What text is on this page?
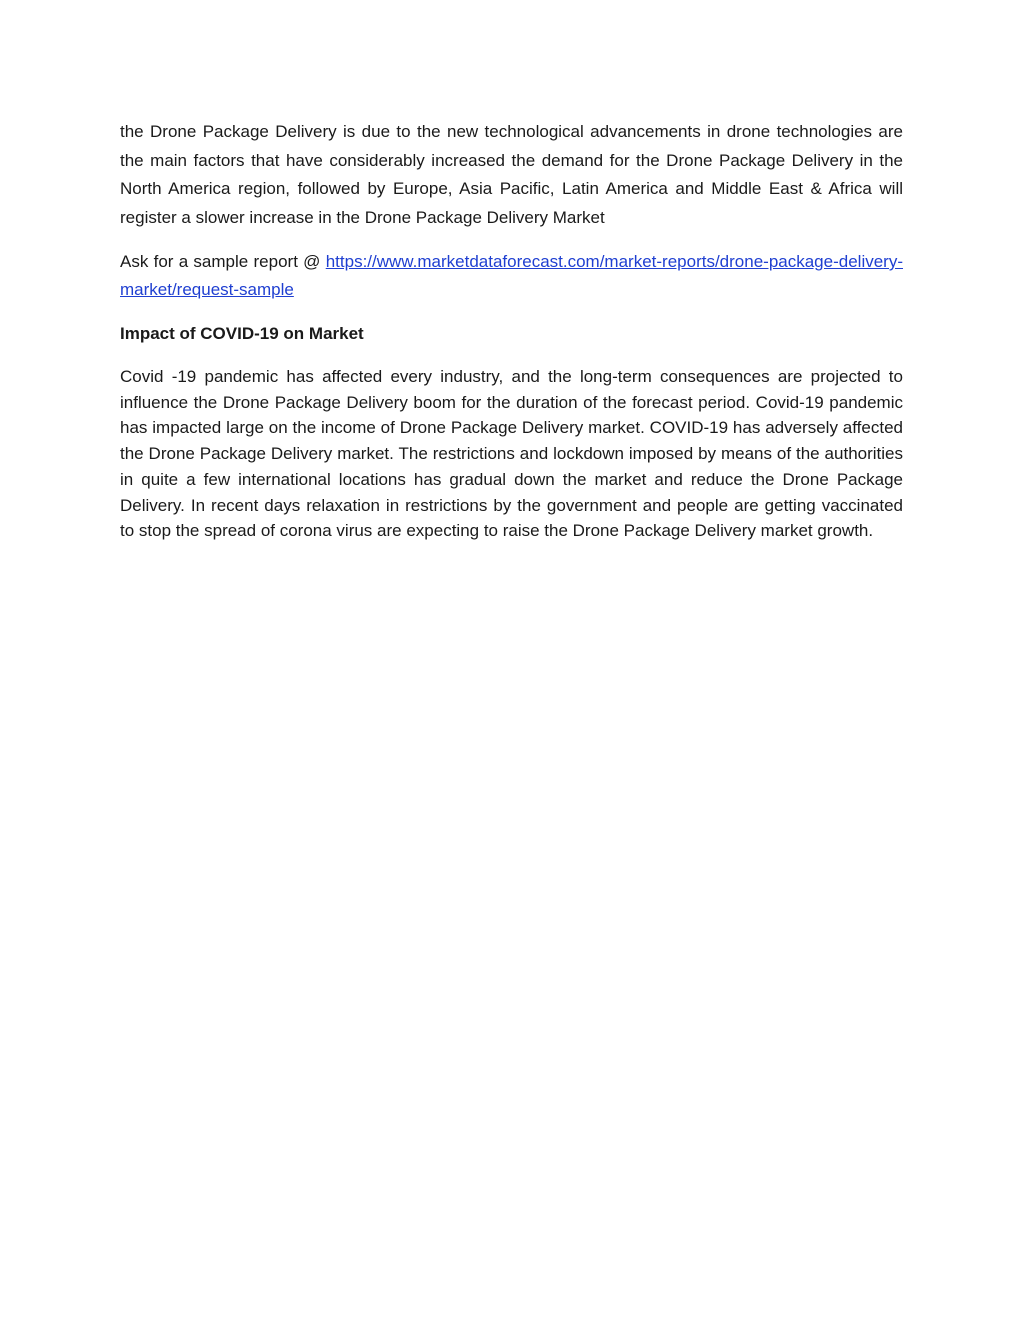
the Drone Package Delivery is due to the new technological advancements in drone technologies are the main factors that have considerably increased the demand for the Drone Package Delivery in the North America region, followed by Europe, Asia Pacific, Latin America and Middle East & Africa will register a slower increase in the Drone Package Delivery Market

Ask for a sample report @ https://www.marketdataforecast.com/market-reports/drone-package-delivery-market/request-sample

Impact of COVID-19 on Market

Covid -19 pandemic has affected every industry, and the long-term consequences are projected to influence the Drone Package Delivery boom for the duration of the forecast period. Covid-19 pandemic has impacted large on the income of Drone Package Delivery market. COVID-19 has adversely affected the Drone Package Delivery market. The restrictions and lockdown imposed by means of the authorities in quite a few international locations has gradual down the market and reduce the Drone Package Delivery. In recent days relaxation in restrictions by the government and people are getting vaccinated to stop the spread of corona virus are expecting to raise the Drone Package Delivery market growth.
